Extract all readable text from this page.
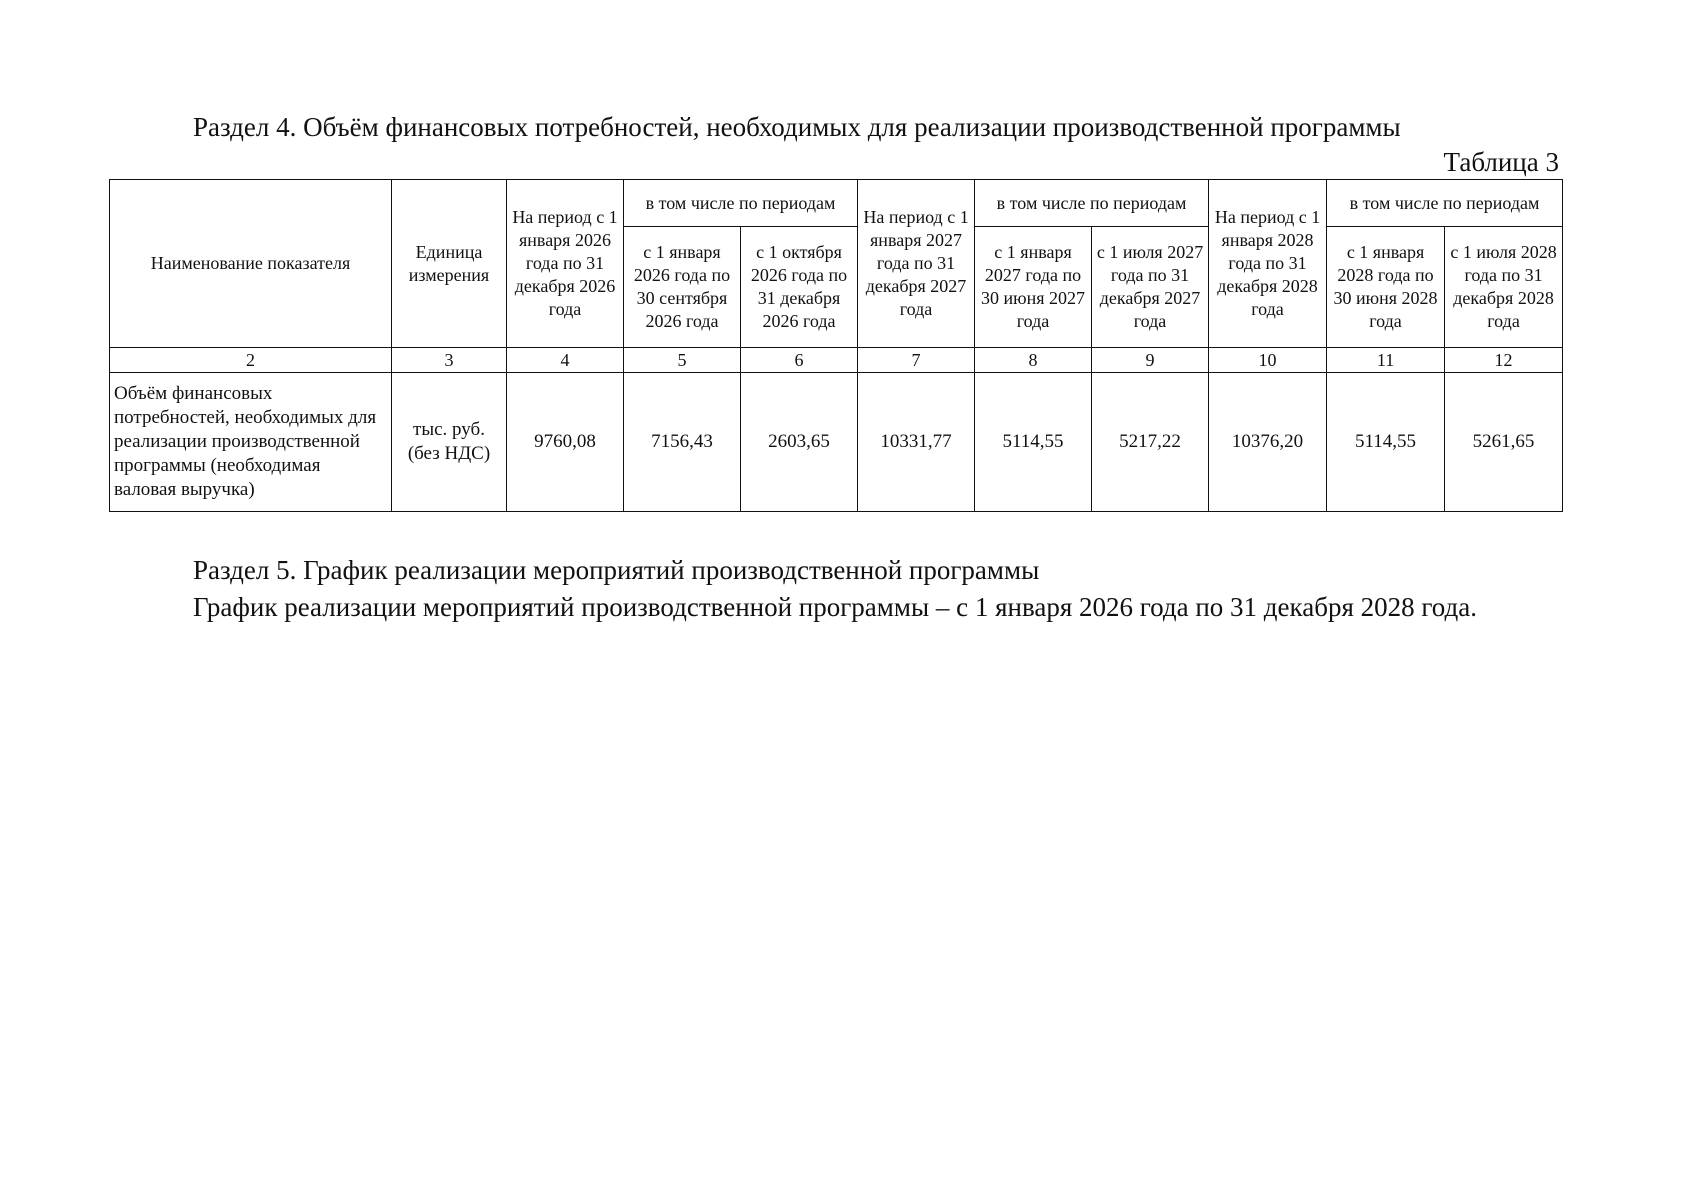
Раздел 4. Объём финансовых потребностей, необходимых для реализации производственной программы
Таблица 3
Наименование показателя	Единица измерения	На период с 1 января 2026 года по 31 декабря 2026 года	в том числе по периодам		На период с 1 января 2027 года по 31 декабря 2027 года	в том числе по периодам		На период с 1 января 2028 года по 31 декабря 2028 года	в том числе по периодам	
			с 1 января 2026 года по 30 сентября 2026 года	с 1 октября 2026 года по 31 декабря 2026 года		с 1 января 2027 года по 30 июня 2027 года	с 1 июля 2027 года по 31 декабря 2027 года		с 1 января 2028 года по 30 июня 2028 года	с 1 июля 2028 года по 31 декабря 2028 года
2	3	4	5	6	7	8	9	10	11	12
Объём финансовых потребностей, необходимых для реализации производственной программы (необходимая валовая выручка)	тыс. руб. (без НДС)	9760,08	7156,43	2603,65	10331,77	5114,55	5217,22	10376,20	5114,55	5261,65
Раздел 5. График реализации мероприятий производственной программы
График реализации мероприятий производственной программы – с 1 января 2026 года по 31 декабря 2028 года.
